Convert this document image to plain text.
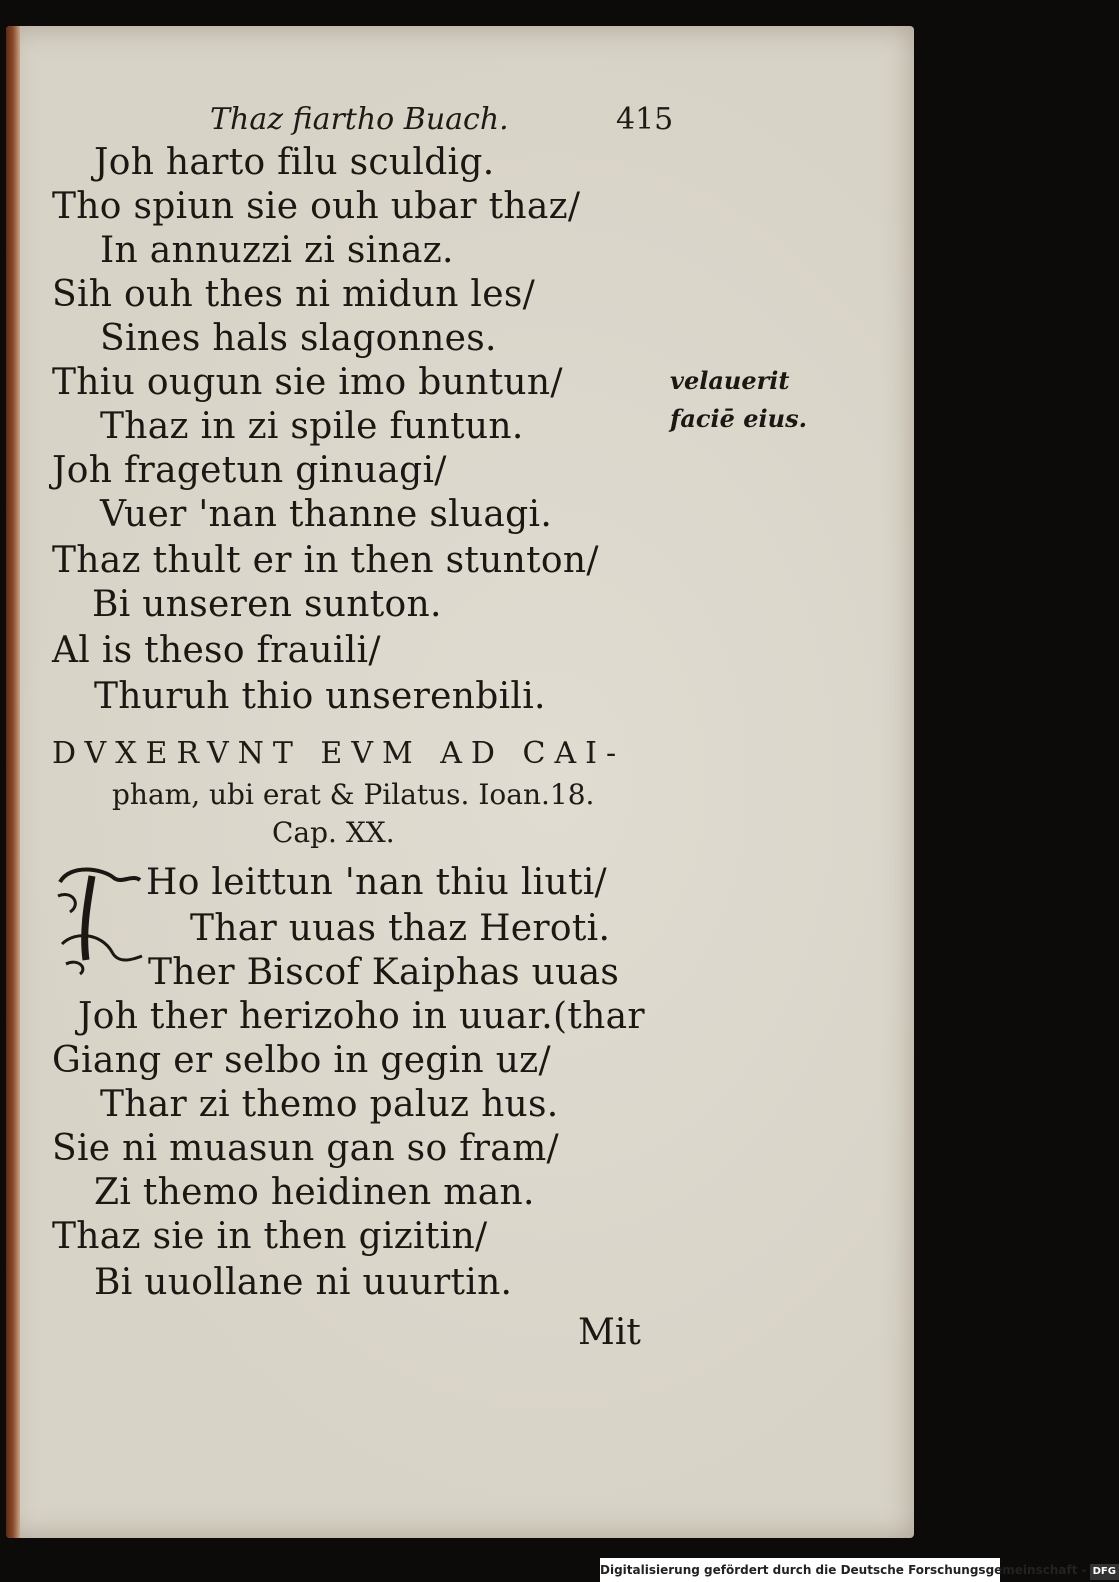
Thaz fiartho Buach.	415
Joh harto filu sculdig.
Tho spiun sie ouh ubar thaz/
In annuzzi zi sinaz.
Sih ouh thes ni midun les/
Sines hals slagonnes.
Thiu ougun sie imo buntun/
Thaz in zi spile funtun.
Joh fragetun ginuagi/
Vuer 'nan thanne sluagi.
Thaz thult er in then stunton/
Bi unseren sunton.
Al is theso frauili/
Thuruh thio unserenbili.
velauerit
faciē eius.
DVXERVNT EVM AD CAI-
pham, ubi erat & Pilatus. Ioan.18.
Cap. XX.
Ho leittun 'nan thiu liuti/
Thar uuas thaz Heroti.
Ther Biscof Kaiphas uuas
Joh ther herizoho in uuar.(thar
Giang er selbo in gegin uz/
Thar zi themo paluz hus.
Sie ni muasun gan so fram/
Zi themo heidinen man.
Thaz sie in then gizitin/
Bi uuollane ni uuurtin.
Mit
Digitalisierung gefördert durch die Deutsche Forschungsgemeinschaft - DFG
